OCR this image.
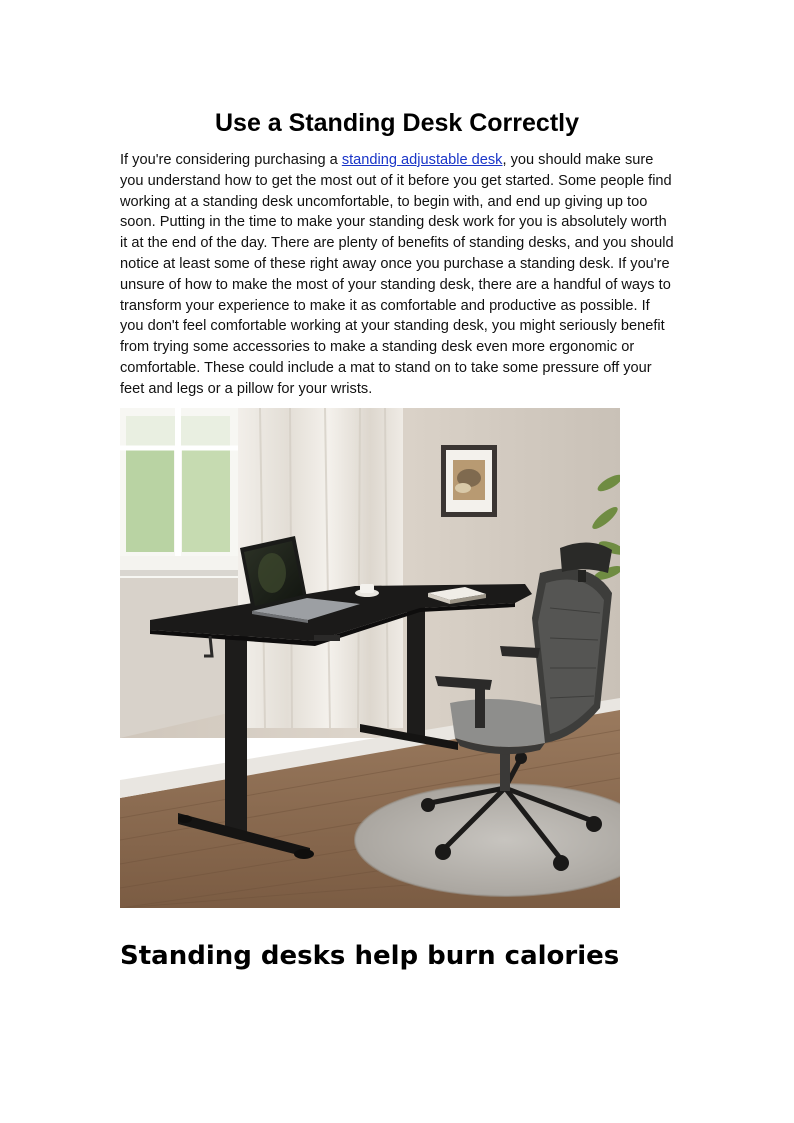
Use a Standing Desk Correctly

If you're considering purchasing a standing adjustable desk, you should make sure you understand how to get the most out of it before you get started. Some people find working at a standing desk uncomfortable, to begin with, and end up giving up too soon. Putting in the time to make your standing desk work for you is absolutely worth it at the end of the day. There are plenty of benefits of standing desks, and you should notice at least some of these right away once you purchase a standing desk. If you're unsure of how to make the most of your standing desk, there are a handful of ways to transform your experience to make it as comfortable and productive as possible. If you don't feel comfortable working at your standing desk, you might seriously benefit from trying some accessories to make a standing desk even more ergonomic or comfortable. These could include a mat to stand on to take some pressure off your feet and legs or a pillow for your wrists.

Standing desks help burn calories
